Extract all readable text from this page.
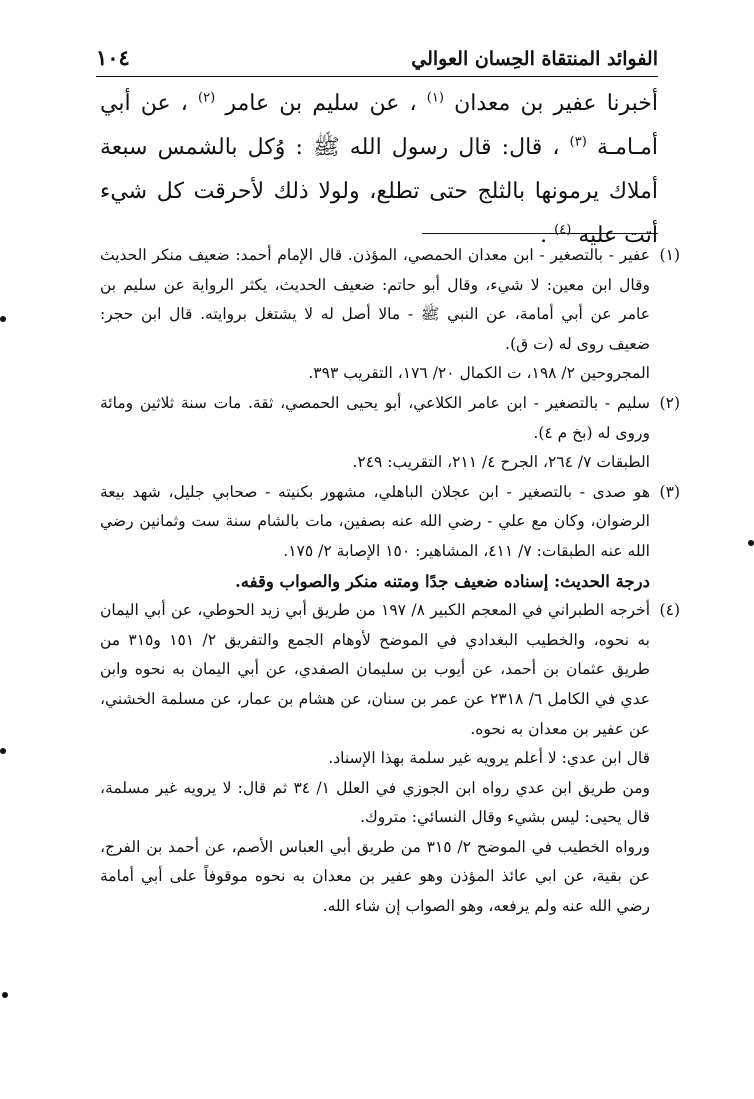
الفوائد المنتقاة الحِسان العوالي
١٠٤
أخبرنا عفير بن معدان $^{(١)}$ ، عن سليم بن عامر $^{(٢)}$ ، عن أبي أمـامـة $^{(٣)}$ ، قال: قال رسول الله ﷺ : وُكل بالشمس سبعة أملاك يرمونها بالثلج حتى تطلع، ولولا ذلك لأحرقت كل شيء أتت عليه $^{(٤)}$ .
(١)

عفير - بالتصغير - ابن معدان الحمصي، المؤذن. قال الإمام أحمد: ضعيف منكر الحديث وقال ابن معين: لا شيء، وقال أبو حاتم: ضعيف الحديث، يكثر الرواية عن سليم بن عامر عن أبي أمامة، عن النبي ﷺ - مالا أصل له لا يشتغل بروايته. قال ابن حجر: ضعيف روى له (ت ق).

المجروحين ٢/ ١٩٨، ت الكمال ٢٠/ ١٧٦، التقريب ٣٩٣.

(٢)

سليم - بالتصغير - ابن عامر الكلاعي، أبو يحيى الحمصي، ثقة. مات سنة ثلاثين ومائة وروى له (بخ م ٤).

الطبقات ٧/ ٢٦٤، الجرح ٤/ ٢١١، التقريب: ٢٤٩.

(٣)

هو صدى - بالتصغير - ابن عجلان الباهلي، مشهور بكنيته - صحابي جليل، شهد بيعة الرضوان، وكان مع علي - رضي الله عنه بصفين، مات بالشام سنة ست وثمانين رضي الله عنه الطبقات: ٧/ ٤١١، المشاهير: ١٥٠ الإصابة ٢/ ١٧٥.

درجة الحديث: إسناده ضعيف جدًا ومتنه منكر والصواب وقفه.
(٤)

أخرجه الطبراني في المعجم الكبير ٨/ ١٩٧ من طريق أبي زيد الحوطي، عن أبي اليمان به نحوه، والخطيب البغدادي في الموضح لأوهام الجمع والتفريق ٢/ ١٥١ و٣١٥ من طريق عثمان بن أحمد، عن أيوب بن سليمان الصفدي، عن أبي اليمان به نحوه وابن عدي في الكامل ٦/ ٢٣١٨ عن عمر بن سنان، عن هشام بن عمار، عن مسلمة الخشني، عن عفير بن معدان به نحوه.

قال ابن عدي: لا أعلم يرويه غير سلمة بهذا الإسناد.

ومن طريق ابن عدي رواه ابن الجوزي في العلل ١/ ٣٤ ثم قال: لا يرويه غير مسلمة، قال يحيى: ليس بشيء وقال النسائي: متروك.

ورواه الخطيب في الموضح ٢/ ٣١٥ من طريق أبي العباس الأصم، عن أحمد بن الفرج، عن بقية، عن ابي عائذ المؤذن وهو عفير بن معدان به نحوه موقوفاً على أبي أمامة رضي الله عنه ولم يرفعه، وهو الصواب إن شاء الله.
